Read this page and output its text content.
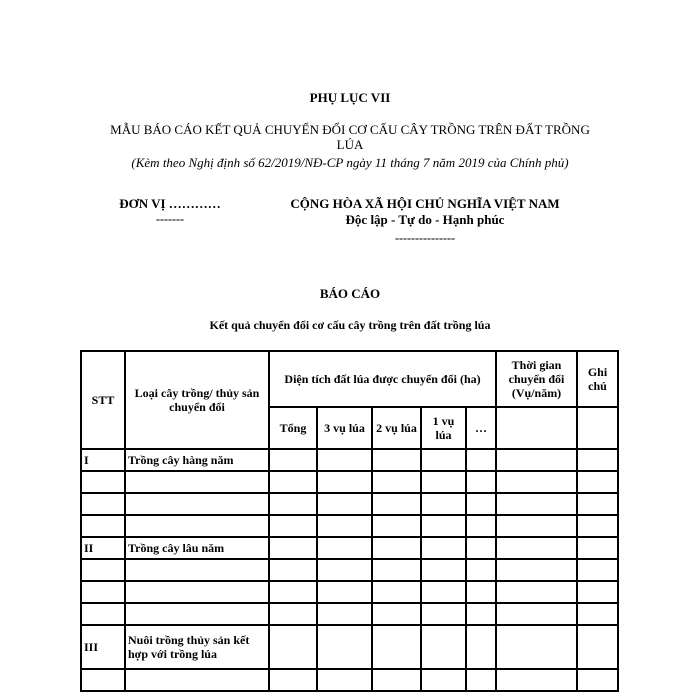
PHỤ LỤC VII
MẪU BÁO CÁO KẾT QUẢ CHUYỂN ĐỔI CƠ CẤU CÂY TRỒNG TRÊN ĐẤT TRỒNG
LÚA
(Kèm theo Nghị định số 62/2019/NĐ-CP ngày 11 tháng 7 năm 2019 của Chính phủ)
ĐƠN VỊ …………
-------
CỘNG HÒA XÃ HỘI CHỦ NGHĨA VIỆT NAM
Độc lập - Tự do - Hạnh phúc
---------------
BÁO CÁO
Kết quả chuyển đổi cơ cấu cây trồng trên đất trồng lúa
STT	Loại cây trồng/ thủy sản chuyển đổi	Diện tích đất lúa được chuyển đổi (ha)					Thời gian chuyển đổi (Vụ/năm)	Ghi chú
		Tổng	3 vụ lúa	2 vụ lúa	1 vụ lúa	…		
I	Trồng cây hàng năm							

II	Trồng cây lâu năm							

III	Nuôi trồng thủy sản kết hợp với trồng lúa							
